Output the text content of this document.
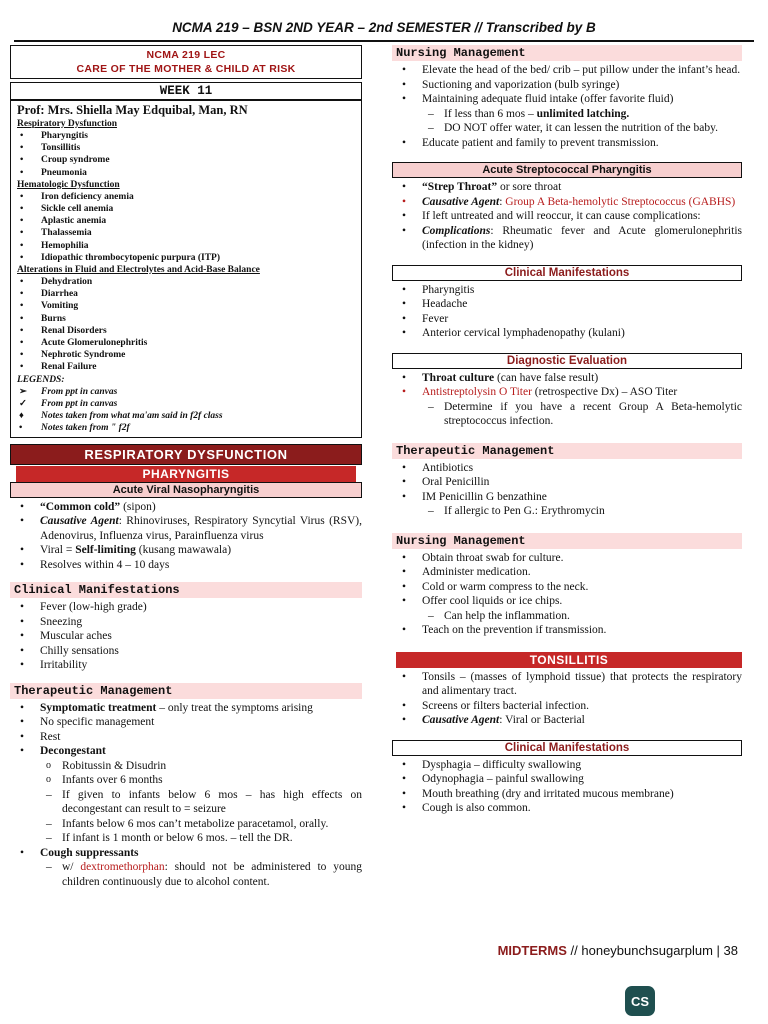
NCMA 219 – BSN 2ND YEAR – 2nd SEMESTER // Transcribed by B
NCMA 219 LEC
CARE OF THE MOTHER & CHILD AT RISK
WEEK 11
Prof: Mrs. Shiella May Edquibal, Man, RN
Respiratory Dysfunction
• Pharyngitis
• Tonsillitis
• Croup syndrome
• Pneumonia
Hematologic Dysfunction
• Iron deficiency anemia
• Sickle cell anemia
• Aplastic anemia
• Thalassemia
• Hemophilia
• Idiopathic thrombocytopenic purpura (ITP)
Alterations in Fluid and Electrolytes and Acid-Base Balance
• Dehydration
• Diarrhea
• Vomiting
• Burns
• Renal Disorders
• Acute Glomerulonephritis
• Nephrotic Syndrome
• Renal Failure
LEGENDS:
➢ From ppt in canvas
✓ From ppt in canvas
♦ Notes taken from what ma'am said in f2f class
• Notes taken from " f2f
RESPIRATORY DYSFUNCTION
PHARYNGITIS
Acute Viral Nasopharyngitis
• “Common cold” (sipon)
• Causative Agent: Rhinoviruses, Respiratory Syncytial Virus (RSV), Adenovirus, Influenza virus, Parainfluenza virus
• Viral = Self-limiting (kusang mawawala)
• Resolves within 4 – 10 days
Clinical Manifestations
• Fever (low-high grade)
• Sneezing
• Muscular aches
• Chilly sensations
• Irritability
Therapeutic Management
• Symptomatic treatment – only treat the symptoms arising
• No specific management
• Rest
• Decongestant
o Robitussin & Disudrin
o Infants over 6 months
– If given to infants below 6 mos – has high effects on decongestant can result to = seizure
– Infants below 6 mos can’t metabolize paracetamol, orally.
– If infant is 1 month or below 6 mos. – tell the DR.
• Cough suppressants
– w/ dextromethorphan: should not be administered to young children continuously due to alcohol content.
Nursing Management
• Elevate the head of the bed/ crib – put pillow under the infant’s head.
• Suctioning and vaporization (bulb syringe)
• Maintaining adequate fluid intake (offer favorite fluid)
– If less than 6 mos – unlimited latching.
– DO NOT offer water, it can lessen the nutrition of the baby.
• Educate patient and family to prevent transmission.
Acute Streptococcal Pharyngitis
• “Strep Throat” or sore throat
• Causative Agent: Group A Beta-hemolytic Streptococcus (GABHS)
• If left untreated and will reoccur, it can cause complications:
• Complications: Rheumatic fever and Acute glomerulonephritis (infection in the kidney)
Clinical Manifestations
• Pharyngitis
• Headache
• Fever
• Anterior cervical lymphadenopathy (kulani)
Diagnostic Evaluation
• Throat culture (can have false result)
• Antistreptolysin O Titer (retrospective Dx) – ASO Titer
– Determine if you have a recent Group A Beta-hemolytic streptococcus infection.
Therapeutic Management
• Antibiotics
• Oral Penicillin
• IM Penicillin G benzathine
– If allergic to Pen G.: Erythromycin
Nursing Management
• Obtain throat swab for culture.
• Administer medication.
• Cold or warm compress to the neck.
• Offer cool liquids or ice chips.
– Can help the inflammation.
• Teach on the prevention if transmission.
TONSILLITIS
• Tonsils – (masses of lymphoid tissue) that protects the respiratory and alimentary tract.
• Screens or filters bacterial infection.
• Causative Agent: Viral or Bacterial
Clinical Manifestations
• Dysphagia – difficulty swallowing
• Odynophagia – painful swallowing
• Mouth breathing (dry and irritated mucous membrane)
• Cough is also common.
MIDTERMS // honeybunchsugarplum | 38
CS
